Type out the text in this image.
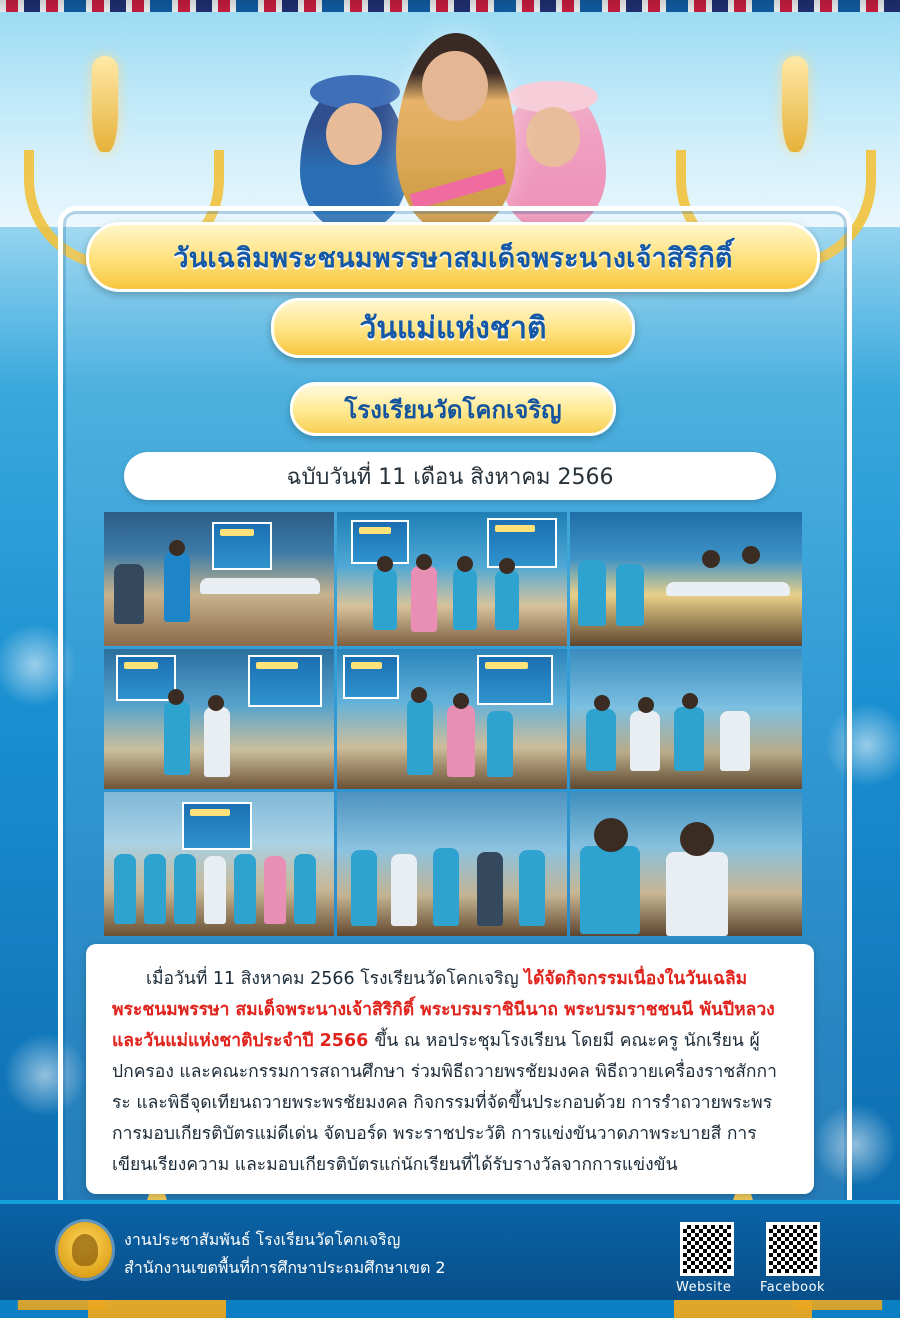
วันเฉลิมพระชนมพรรษาสมเด็จพระนางเจ้าสิริกิติ์
วันแม่แห่งชาติ
โรงเรียนวัดโคกเจริญ
ฉบับวันที่ 11 เดือน สิงหาคม 2566
เมื่อวันที่ 11 สิงหาคม 2566 โรงเรียนวัดโคกเจริญ ได้จัดกิจกรรมเนื่องในวันเฉลิมพระชนมพรรษา สมเด็จพระนางเจ้าสิริกิติ์ พระบรมราชินีนาถ พระบรมราชชนนี พันปีหลวง และวันแม่แห่งชาติประจำปี 2566 ขึ้น ณ หอประชุมโรงเรียน โดยมี คณะครู นักเรียน ผู้ปกครอง และคณะกรรมการสถานศึกษา ร่วมพิธีถวายพรชัยมงคล พิธีถวายเครื่องราชสักการะ และพิธีจุดเทียนถวายพระพรชัยมงคล กิจกรรมที่จัดขึ้นประกอบด้วย การรำถวายพระพร การมอบเกียรติบัตรแม่ดีเด่น จัดบอร์ด พระราชประวัติ การแข่งขันวาดภาพระบายสี การเขียนเรียงความ และมอบเกียรติบัตรแก่นักเรียนที่ได้รับรางวัลจากการแข่งขัน
งานประชาสัมพันธ์ โรงเรียนวัดโคกเจริญ
สำนักงานเขตพื้นที่การศึกษาประถมศึกษาเขต 2
Website Facebook
